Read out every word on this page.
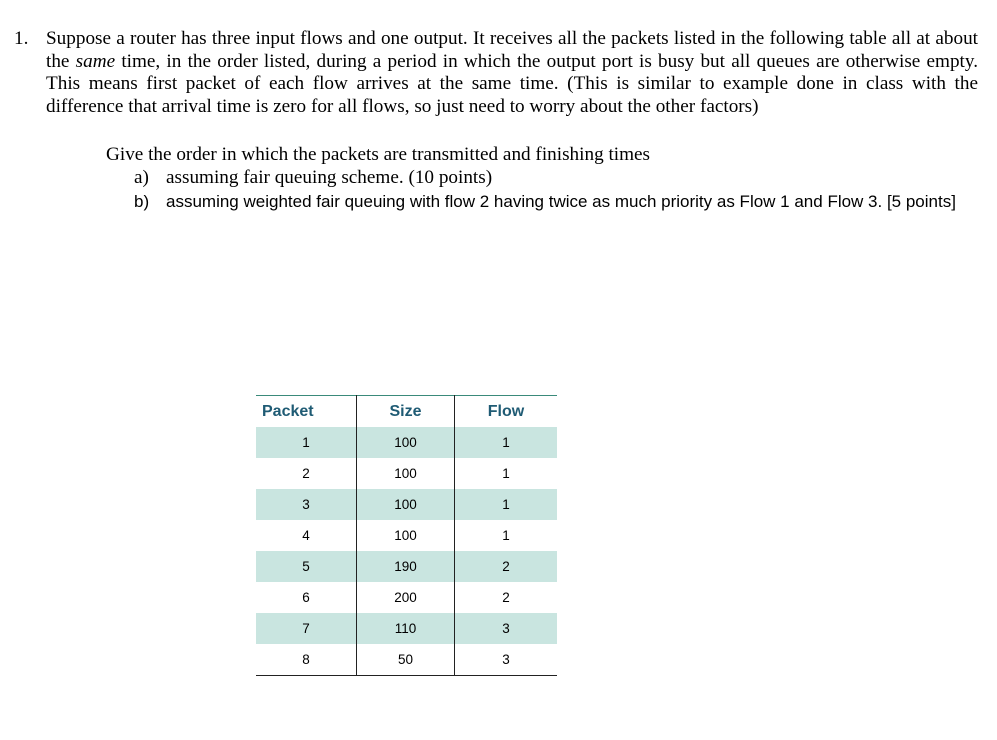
1. Suppose a router has three input flows and one output. It receives all the packets listed in the following table all at about the same time, in the order listed, during a period in which the output port is busy but all queues are otherwise empty. This means first packet of each flow arrives at the same time. (This is similar to example done in class with the difference that arrival time is zero for all flows, so just need to worry about the other factors)
Give the order in which the packets are transmitted and finishing times
a) assuming fair queuing scheme. (10 points)
b) assuming weighted fair queuing with flow 2 having twice as much priority as Flow 1 and Flow 3. [5 points]
Packet	Size	Flow
1	100	1
2	100	1
3	100	1
4	100	1
5	190	2
6	200	2
7	110	3
8	50	3
